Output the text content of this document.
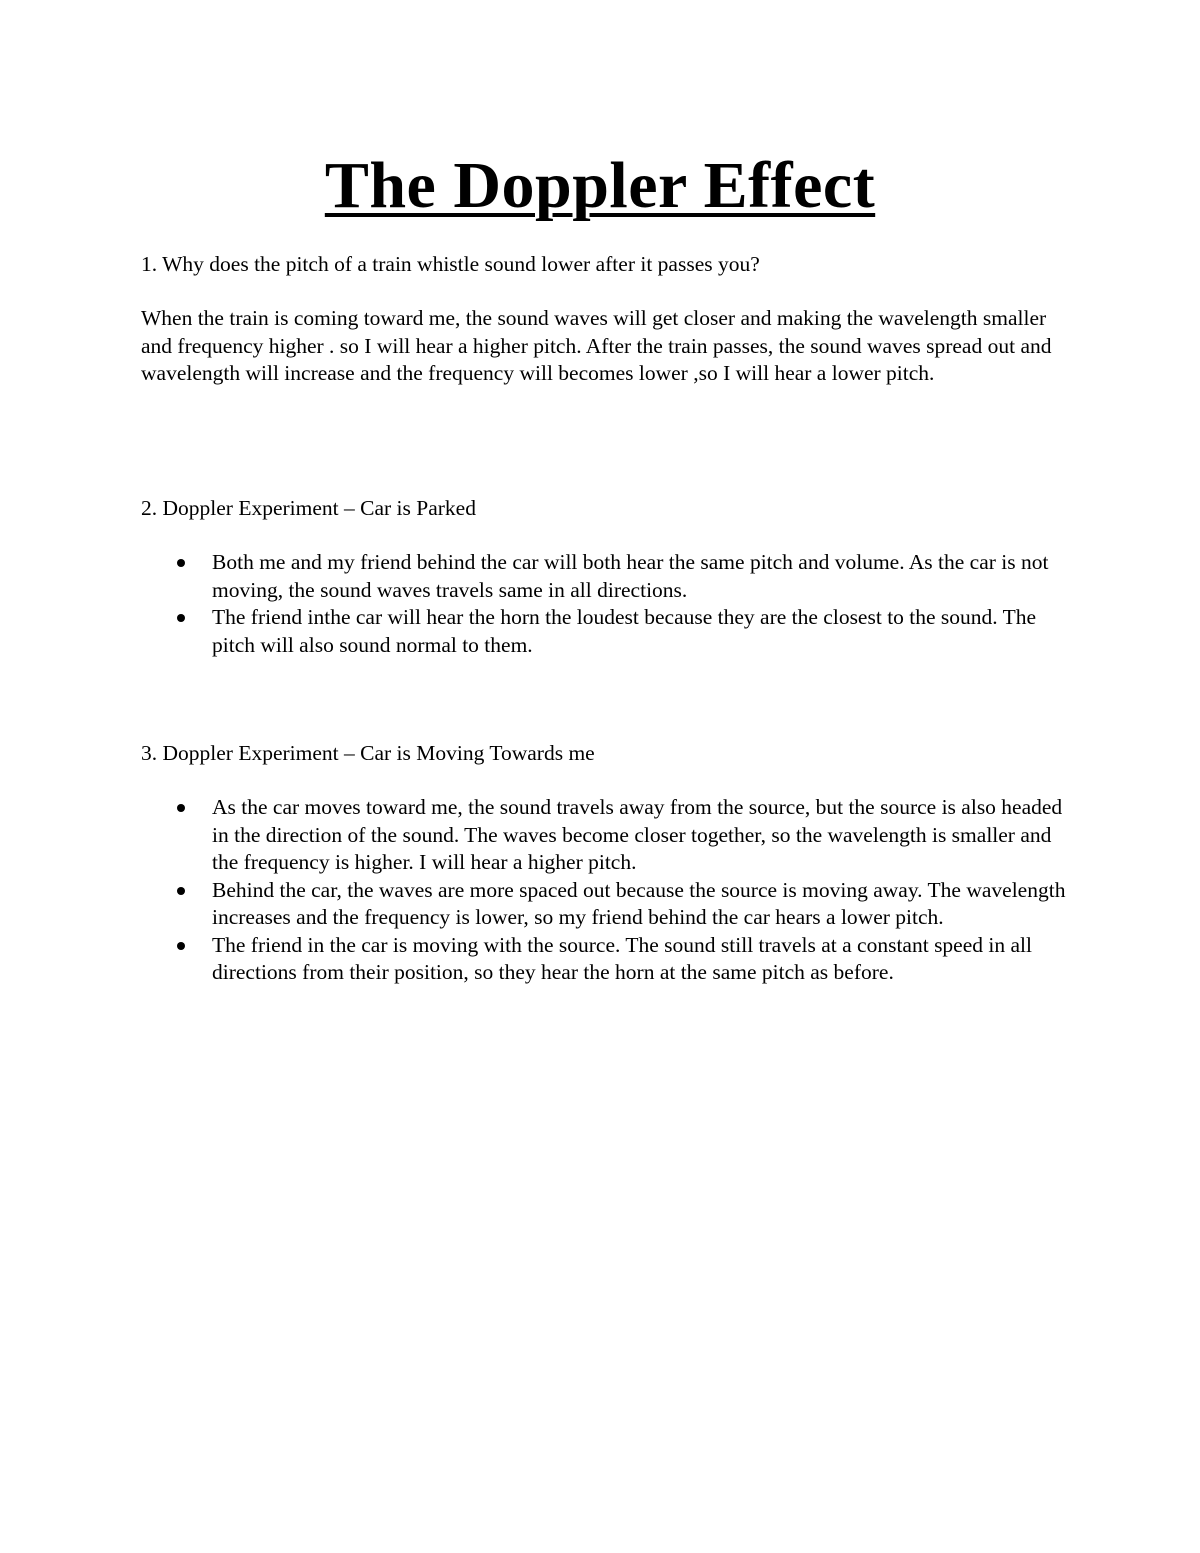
The Doppler Effect

1. Why does the pitch of a train whistle sound lower after it passes you?

When the train is coming toward me, the sound waves will get closer and making the wavelength smaller and frequency higher . so I will hear a higher pitch. After the train passes, the sound waves spread out and wavelength will increase and the frequency will becomes lower ,so I will hear a lower pitch.

2. Doppler Experiment – Car is Parked

Both me and my friend behind the car will both hear the same pitch and volume. As the car is not moving, the sound waves travels same in all directions.
The friend inthe car will hear the horn the loudest because they are the closest to the sound. The pitch will also sound normal to them.

3. Doppler Experiment – Car is Moving Towards me

As the car moves toward me, the sound travels away from the source, but the source is also headed in the direction of the sound. The waves become closer together, so the wavelength is smaller and the frequency is higher. I will hear a higher pitch.
Behind the car, the waves are more spaced out because the source is moving away. The wavelength increases and the frequency is lower, so my friend behind the car hears a lower pitch.
The friend in the car is moving with the source. The sound still travels at a constant speed in all directions from their position, so they hear the horn at the same pitch as before.
